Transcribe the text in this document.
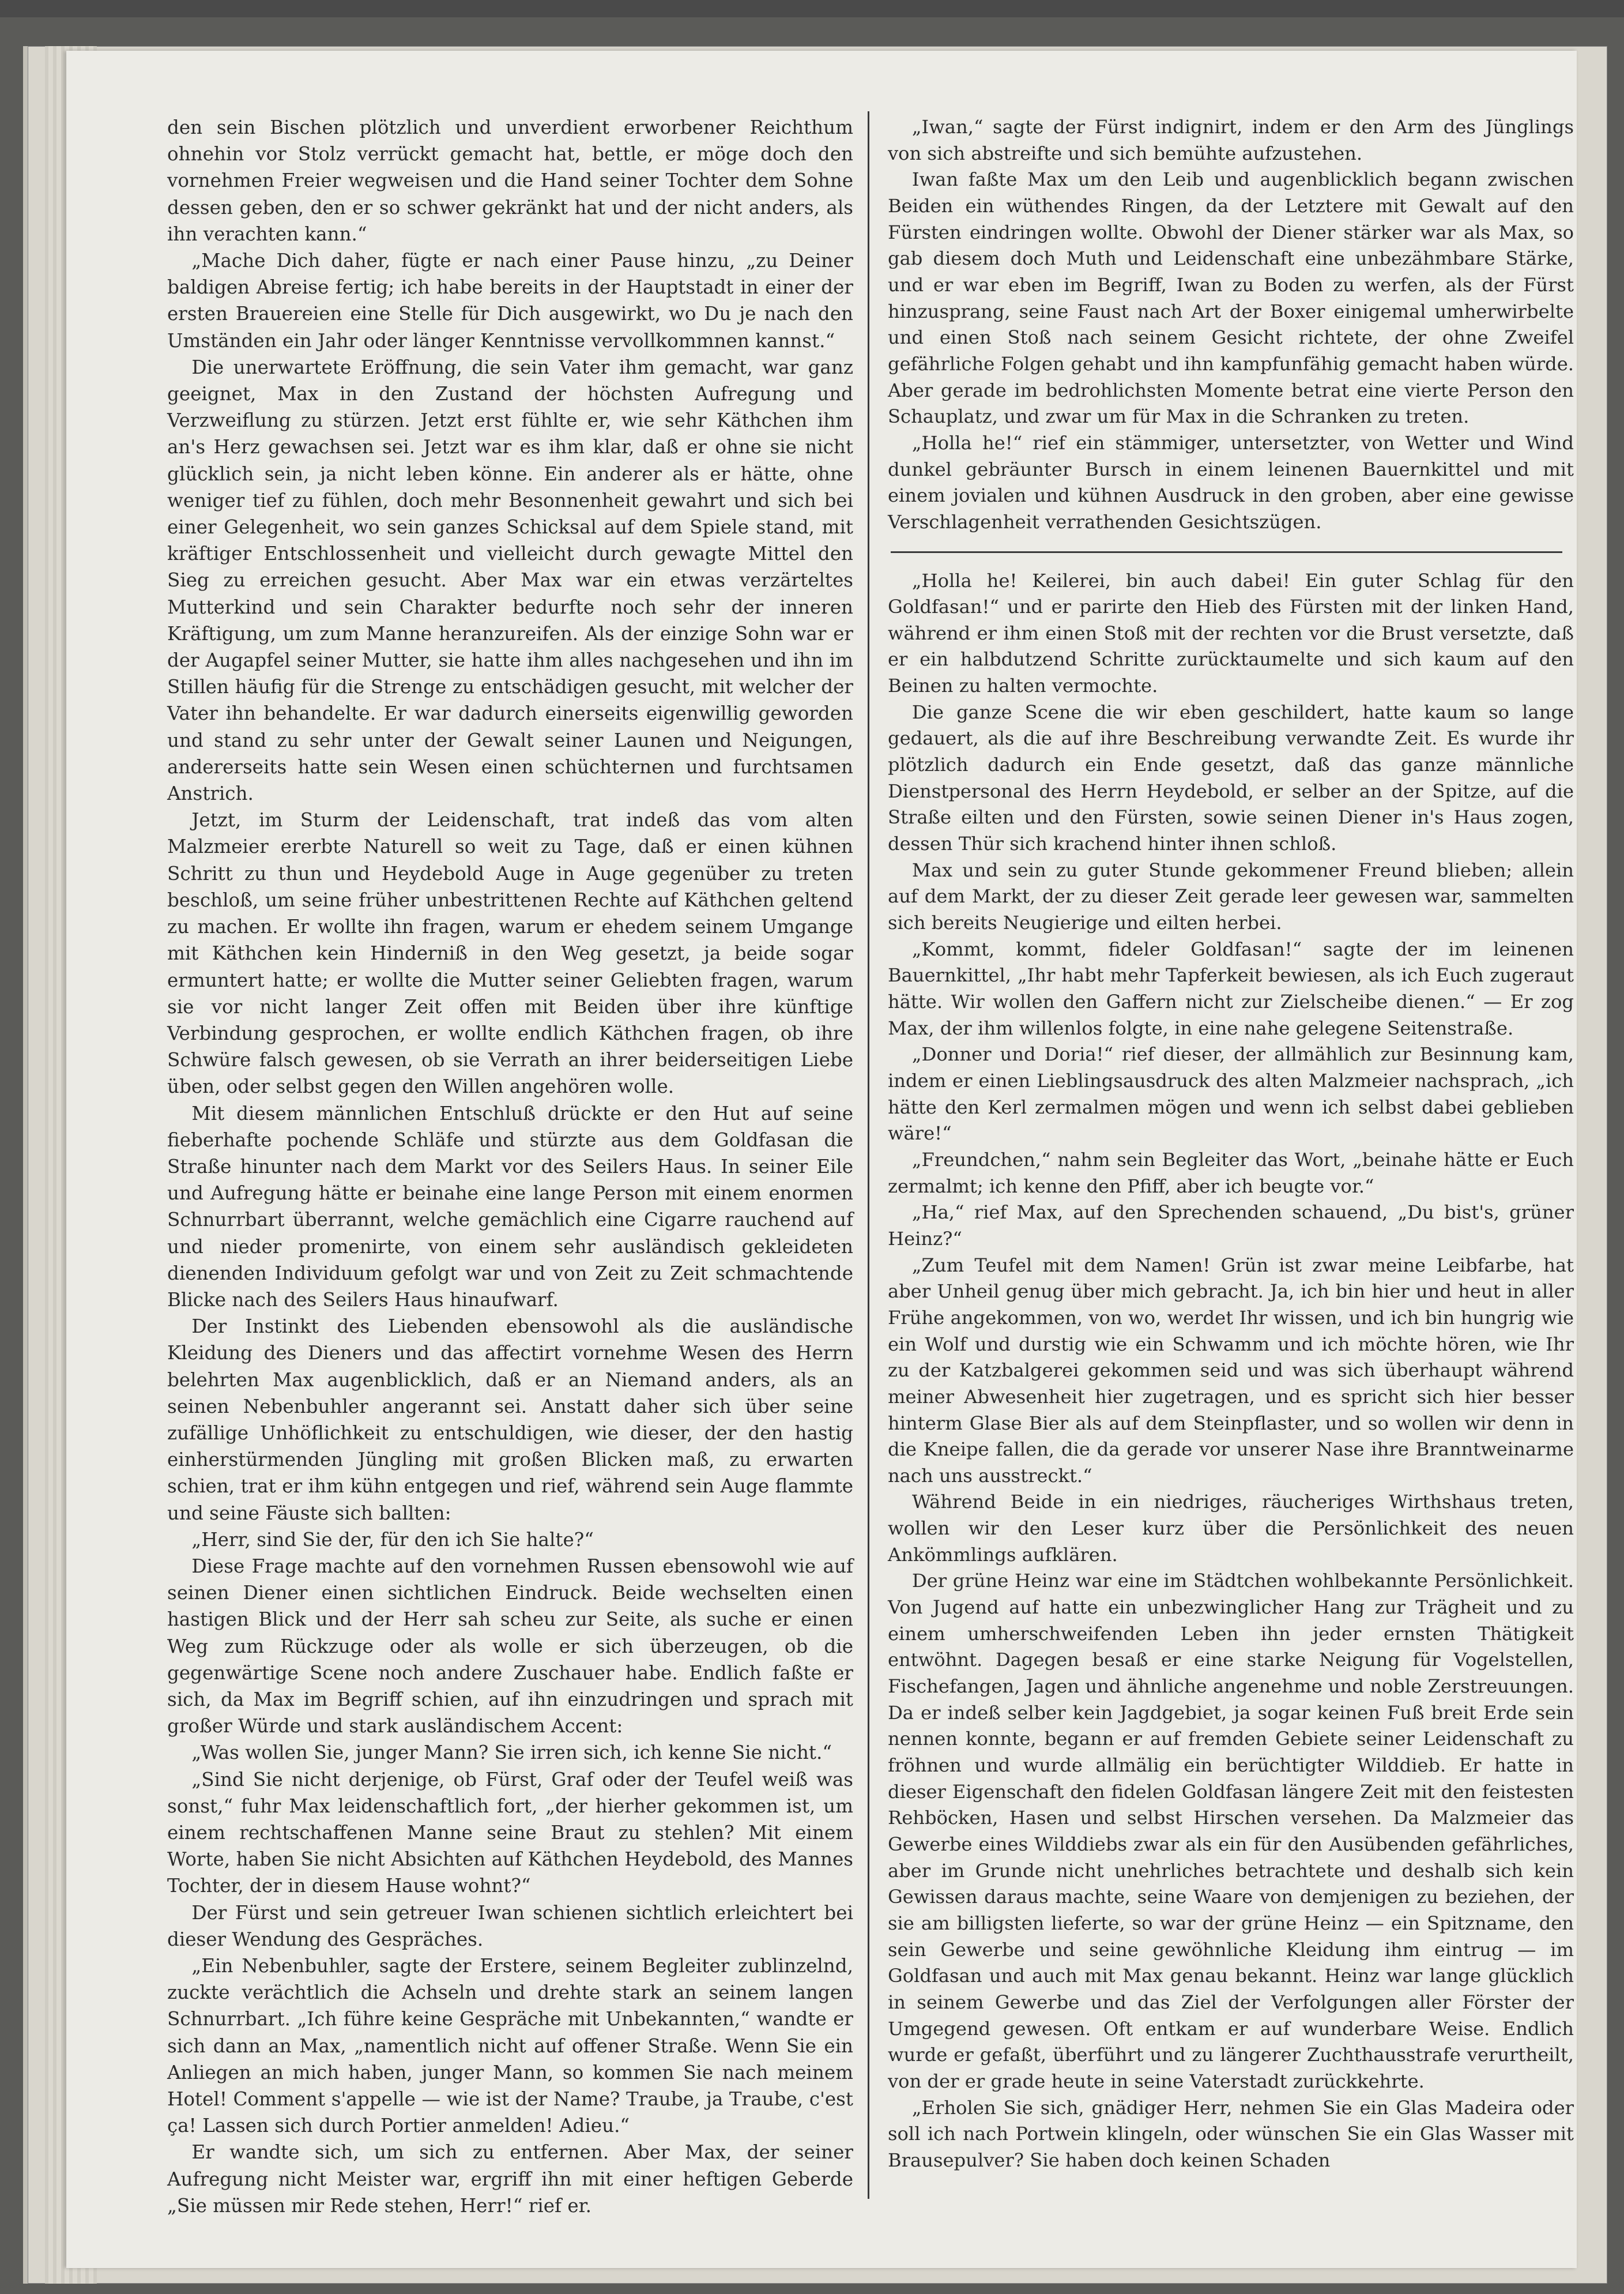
den sein Bischen plötzlich und unverdient erworbener Reichthum ohnehin vor Stolz verrückt gemacht hat, bettle, er möge doch den vornehmen Freier wegweisen und die Hand seiner Tochter dem Sohne dessen geben, den er so schwer gekränkt hat und der nicht anders, als ihn verachten kann.“

„Mache Dich daher, fügte er nach einer Pause hinzu, „zu Deiner baldigen Abreise fertig; ich habe bereits in der Hauptstadt in einer der ersten Brauereien eine Stelle für Dich ausgewirkt, wo Du je nach den Umständen ein Jahr oder länger Kenntnisse vervollkommnen kannst.“

Die unerwartete Eröffnung, die sein Vater ihm gemacht, war ganz geeignet, Max in den Zustand der höchsten Aufregung und Verzweiflung zu stürzen. Jetzt erst fühlte er, wie sehr Käthchen ihm an's Herz gewachsen sei. Jetzt war es ihm klar, daß er ohne sie nicht glücklich sein, ja nicht leben könne. Ein anderer als er hätte, ohne weniger tief zu fühlen, doch mehr Besonnenheit gewahrt und sich bei einer Gelegenheit, wo sein ganzes Schicksal auf dem Spiele stand, mit kräftiger Entschlossenheit und vielleicht durch gewagte Mittel den Sieg zu erreichen gesucht. Aber Max war ein etwas verzärteltes Mutterkind und sein Charakter bedurfte noch sehr der inneren Kräftigung, um zum Manne heranzureifen. Als der einzige Sohn war er der Augapfel seiner Mutter, sie hatte ihm alles nachgesehen und ihn im Stillen häufig für die Strenge zu entschädigen gesucht, mit welcher der Vater ihn behandelte. Er war dadurch einerseits eigenwillig geworden und stand zu sehr unter der Gewalt seiner Launen und Neigungen, andererseits hatte sein Wesen einen schüchternen und furchtsamen Anstrich.

Jetzt, im Sturm der Leidenschaft, trat indeß das vom alten Malzmeier ererbte Naturell so weit zu Tage, daß er einen kühnen Schritt zu thun und Heydebold Auge in Auge gegenüber zu treten beschloß, um seine früher unbestrittenen Rechte auf Käthchen geltend zu machen. Er wollte ihn fragen, warum er ehedem seinem Umgange mit Käthchen kein Hinderniß in den Weg gesetzt, ja beide sogar ermuntert hatte; er wollte die Mutter seiner Geliebten fragen, warum sie vor nicht langer Zeit offen mit Beiden über ihre künftige Verbindung gesprochen, er wollte endlich Käthchen fragen, ob ihre Schwüre falsch gewesen, ob sie Verrath an ihrer beiderseitigen Liebe üben, oder selbst gegen den Willen angehören wolle.

Mit diesem männlichen Entschluß drückte er den Hut auf seine fieberhafte pochende Schläfe und stürzte aus dem Goldfasan die Straße hinunter nach dem Markt vor des Seilers Haus. In seiner Eile und Aufregung hätte er beinahe eine lange Person mit einem enormen Schnurrbart überrannt, welche gemächlich eine Cigarre rauchend auf und nieder promenirte, von einem sehr ausländisch gekleideten dienenden Individuum gefolgt war und von Zeit zu Zeit schmachtende Blicke nach des Seilers Haus hinaufwarf.

Der Instinkt des Liebenden ebensowohl als die ausländische Kleidung des Dieners und das affectirt vornehme Wesen des Herrn belehrten Max augenblicklich, daß er an Niemand anders, als an seinen Nebenbuhler angerannt sei. Anstatt daher sich über seine zufällige Unhöflichkeit zu entschuldigen, wie dieser, der den hastig einherstürmenden Jüngling mit großen Blicken maß, zu erwarten schien, trat er ihm kühn entgegen und rief, während sein Auge flammte und seine Fäuste sich ballten:

„Herr, sind Sie der, für den ich Sie halte?“

Diese Frage machte auf den vornehmen Russen ebensowohl wie auf seinen Diener einen sichtlichen Eindruck. Beide wechselten einen hastigen Blick und der Herr sah scheu zur Seite, als suche er einen Weg zum Rückzuge oder als wolle er sich überzeugen, ob die gegenwärtige Scene noch andere Zuschauer habe. Endlich faßte er sich, da Max im Begriff schien, auf ihn einzudringen und sprach mit großer Würde und stark ausländischem Accent:

„Was wollen Sie, junger Mann? Sie irren sich, ich kenne Sie nicht.“

„Sind Sie nicht derjenige, ob Fürst, Graf oder der Teufel weiß was sonst,“ fuhr Max leidenschaftlich fort, „der hierher gekommen ist, um einem rechtschaffenen Manne seine Braut zu stehlen? Mit einem Worte, haben Sie nicht Absichten auf Käthchen Heydebold, des Mannes Tochter, der in diesem Hause wohnt?“

Der Fürst und sein getreuer Iwan schienen sichtlich erleichtert bei dieser Wendung des Gespräches.

„Ein Nebenbuhler, sagte der Erstere, seinem Begleiter zublinzelnd, zuckte verächtlich die Achseln und drehte stark an seinem langen Schnurrbart. „Ich führe keine Gespräche mit Unbekannten,“ wandte er sich dann an Max, „namentlich nicht auf offener Straße. Wenn Sie ein Anliegen an mich haben, junger Mann, so kommen Sie nach meinem Hotel! Comment s'appelle — wie ist der Name? Traube, ja Traube, c'est ça! Lassen sich durch Portier anmelden! Adieu.“

Er wandte sich, um sich zu entfernen. Aber Max, der seiner Aufregung nicht Meister war, ergriff ihn mit einer heftigen Geberde „Sie müssen mir Rede stehen, Herr!“ rief er.

„Iwan,“ sagte der Fürst indignirt, indem er den Arm des Jünglings von sich abstreifte und sich bemühte aufzustehen.

Iwan faßte Max um den Leib und augenblicklich begann zwischen Beiden ein wüthendes Ringen, da der Letztere mit Gewalt auf den Fürsten eindringen wollte. Obwohl der Diener stärker war als Max, so gab diesem doch Muth und Leidenschaft eine unbezähmbare Stärke, und er war eben im Begriff, Iwan zu Boden zu werfen, als der Fürst hinzusprang, seine Faust nach Art der Boxer einigemal umherwirbelte und einen Stoß nach seinem Gesicht richtete, der ohne Zweifel gefährliche Folgen gehabt und ihn kampfunfähig gemacht haben würde. Aber gerade im bedrohlichsten Momente betrat eine vierte Person den Schauplatz, und zwar um für Max in die Schranken zu treten.

„Holla he!“ rief ein stämmiger, untersetzter, von Wetter und Wind dunkel gebräunter Bursch in einem leinenen Bauernkittel und mit einem jovialen und kühnen Ausdruck in den groben, aber eine gewisse Verschlagenheit verrathenden Gesichtszügen.

„Holla he! Keilerei, bin auch dabei! Ein guter Schlag für den Goldfasan!“ und er parirte den Hieb des Fürsten mit der linken Hand, während er ihm einen Stoß mit der rechten vor die Brust versetzte, daß er ein halbdutzend Schritte zurücktaumelte und sich kaum auf den Beinen zu halten vermochte.

Die ganze Scene die wir eben geschildert, hatte kaum so lange gedauert, als die auf ihre Beschreibung verwandte Zeit. Es wurde ihr plötzlich dadurch ein Ende gesetzt, daß das ganze männliche Dienstpersonal des Herrn Heydebold, er selber an der Spitze, auf die Straße eilten und den Fürsten, sowie seinen Diener in's Haus zogen, dessen Thür sich krachend hinter ihnen schloß.

Max und sein zu guter Stunde gekommener Freund blieben; allein auf dem Markt, der zu dieser Zeit gerade leer gewesen war, sammelten sich bereits Neugierige und eilten herbei.

„Kommt, kommt, fideler Goldfasan!“ sagte der im leinenen Bauernkittel, „Ihr habt mehr Tapferkeit bewiesen, als ich Euch zugeraut hätte. Wir wollen den Gaffern nicht zur Zielscheibe dienen.“ — Er zog Max, der ihm willenlos folgte, in eine nahe gelegene Seitenstraße.

„Donner und Doria!“ rief dieser, der allmählich zur Besinnung kam, indem er einen Lieblingsausdruck des alten Malzmeier nachsprach, „ich hätte den Kerl zermalmen mögen und wenn ich selbst dabei geblieben wäre!“

„Freundchen,“ nahm sein Begleiter das Wort, „beinahe hätte er Euch zermalmt; ich kenne den Pfiff, aber ich beugte vor.“

„Ha,“ rief Max, auf den Sprechenden schauend, „Du bist's, grüner Heinz?“

„Zum Teufel mit dem Namen! Grün ist zwar meine Leibfarbe, hat aber Unheil genug über mich gebracht. Ja, ich bin hier und heut in aller Frühe angekommen, von wo, werdet Ihr wissen, und ich bin hungrig wie ein Wolf und durstig wie ein Schwamm und ich möchte hören, wie Ihr zu der Katzbalgerei gekommen seid und was sich überhaupt während meiner Abwesenheit hier zugetragen, und es spricht sich hier besser hinterm Glase Bier als auf dem Steinpflaster, und so wollen wir denn in die Kneipe fallen, die da gerade vor unserer Nase ihre Branntweinarme nach uns ausstreckt.“

Während Beide in ein niedriges, räucheriges Wirthshaus treten, wollen wir den Leser kurz über die Persönlichkeit des neuen Ankömmlings aufklären.

Der grüne Heinz war eine im Städtchen wohlbekannte Persönlichkeit. Von Jugend auf hatte ein unbezwinglicher Hang zur Trägheit und zu einem umherschweifenden Leben ihn jeder ernsten Thätigkeit entwöhnt. Dagegen besaß er eine starke Neigung für Vogelstellen, Fischefangen, Jagen und ähnliche angenehme und noble Zerstreuungen. Da er indeß selber kein Jagdgebiet, ja sogar keinen Fuß breit Erde sein nennen konnte, begann er auf fremden Gebiete seiner Leidenschaft zu fröhnen und wurde allmälig ein berüchtigter Wilddieb. Er hatte in dieser Eigenschaft den fidelen Goldfasan längere Zeit mit den feistesten Rehböcken, Hasen und selbst Hirschen versehen. Da Malzmeier das Gewerbe eines Wilddiebs zwar als ein für den Ausübenden gefährliches, aber im Grunde nicht unehrliches betrachtete und deshalb sich kein Gewissen daraus machte, seine Waare von demjenigen zu beziehen, der sie am billigsten lieferte, so war der grüne Heinz — ein Spitzname, den sein Gewerbe und seine gewöhnliche Kleidung ihm eintrug — im Goldfasan und auch mit Max genau bekannt. Heinz war lange glücklich in seinem Gewerbe und das Ziel der Verfolgungen aller Förster der Umgegend gewesen. Oft entkam er auf wunderbare Weise. Endlich wurde er gefaßt, überführt und zu längerer Zuchthausstrafe verurtheilt, von der er grade heute in seine Vaterstadt zurückkehrte.

„Erholen Sie sich, gnädiger Herr, nehmen Sie ein Glas Madeira oder soll ich nach Portwein klingeln, oder wünschen Sie ein Glas Wasser mit Brausepulver? Sie haben doch keinen Schaden
